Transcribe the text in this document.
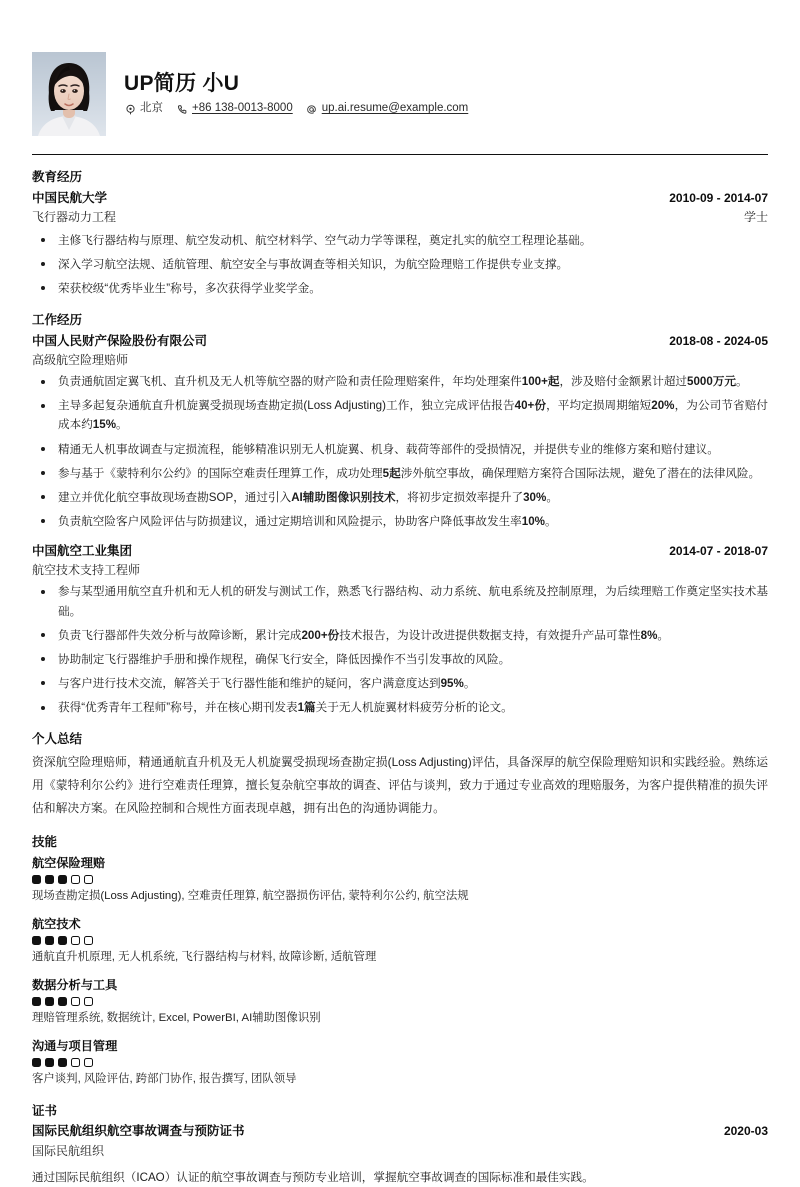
UP简历 小U
北京	+86 138-0013-8000	up.ai.resume@example.com
教育经历
中国民航大学	2010-09 - 2014-07
飞行器动力工程	学士
主修飞行器结构与原理、航空发动机、航空材料学、空气动力学等课程，奠定扎实的航空工程理论基础。
深入学习航空法规、适航管理、航空安全与事故调查等相关知识，为航空险理赔工作提供专业支撑。
荣获校级“优秀毕业生”称号，多次获得学业奖学金。
工作经历
中国人民财产保险股份有限公司	2018-08 - 2024-05
高级航空险理赔师
负责通航固定翼飞机、直升机及无人机等航空器的财产险和责任险理赔案件，年均处理案件100+起，涉及赔付金额累计超过5000万元。
主导多起复杂通航直升机旋翼受损现场查勘定损(Loss Adjusting)工作，独立完成评估报告40+份，平均定损周期缩短20%，为公司节省赔付成本约15%。
精通无人机事故调查与定损流程，能够精准识别无人机旋翼、机身、载荷等部件的受损情况，并提供专业的维修方案和赔付建议。
参与基于《蒙特利尔公约》的国际空难责任理算工作，成功处理5起涉外航空事故，确保理赔方案符合国际法规，避免了潜在的法律风险。
建立并优化航空事故现场查勘SOP，通过引入AI辅助图像识别技术，将初步定损效率提升了30%。
负责航空险客户风险评估与防损建议，通过定期培训和风险提示，协助客户降低事故发生率10%。
中国航空工业集团	2014-07 - 2018-07
航空技术支持工程师
参与某型通用航空直升机和无人机的研发与测试工作，熟悉飞行器结构、动力系统、航电系统及控制原理，为后续理赔工作奠定坚实技术基础。
负责飞行器部件失效分析与故障诊断，累计完成200+份技术报告，为设计改进提供数据支持，有效提升产品可靠性8%。
协助制定飞行器维护手册和操作规程，确保飞行安全，降低因操作不当引发事故的风险。
与客户进行技术交流，解答关于飞行器性能和维护的疑问，客户满意度达到95%。
获得“优秀青年工程师”称号，并在核心期刊发表1篇关于无人机旋翼材料疲劳分析的论文。
个人总结

资深航空险理赔师，精通通航直升机及无人机旋翼受损现场查勘定损(Loss Adjusting)评估，具备深厚的航空保险理赔知识和实践经验。熟练运用《蒙特利尔公约》进行空难责任理算，擅长复杂航空事故的调查、评估与谈判，致力于通过专业高效的理赔服务，为客户提供精准的损失评估和解决方案。在风险控制和合规性方面表现卓越，拥有出色的沟通协调能力。

技能
航空保险理赔
现场查勘定损(Loss Adjusting), 空难责任理算, 航空器损伤评估, 蒙特利尔公约, 航空法规
航空技术
通航直升机原理, 无人机系统, 飞行器结构与材料, 故障诊断, 适航管理
数据分析与工具
理赔管理系统, 数据统计, Excel, PowerBI, AI辅助图像识别
沟通与项目管理
客户谈判, 风险评估, 跨部门协作, 报告撰写, 团队领导
证书
国际民航组织航空事故调查与预防证书	2020-03
国际民航组织
通过国际民航组织（ICAO）认证的航空事故调查与预防专业培训，掌握航空事故调查的国际标准和最佳实践。
